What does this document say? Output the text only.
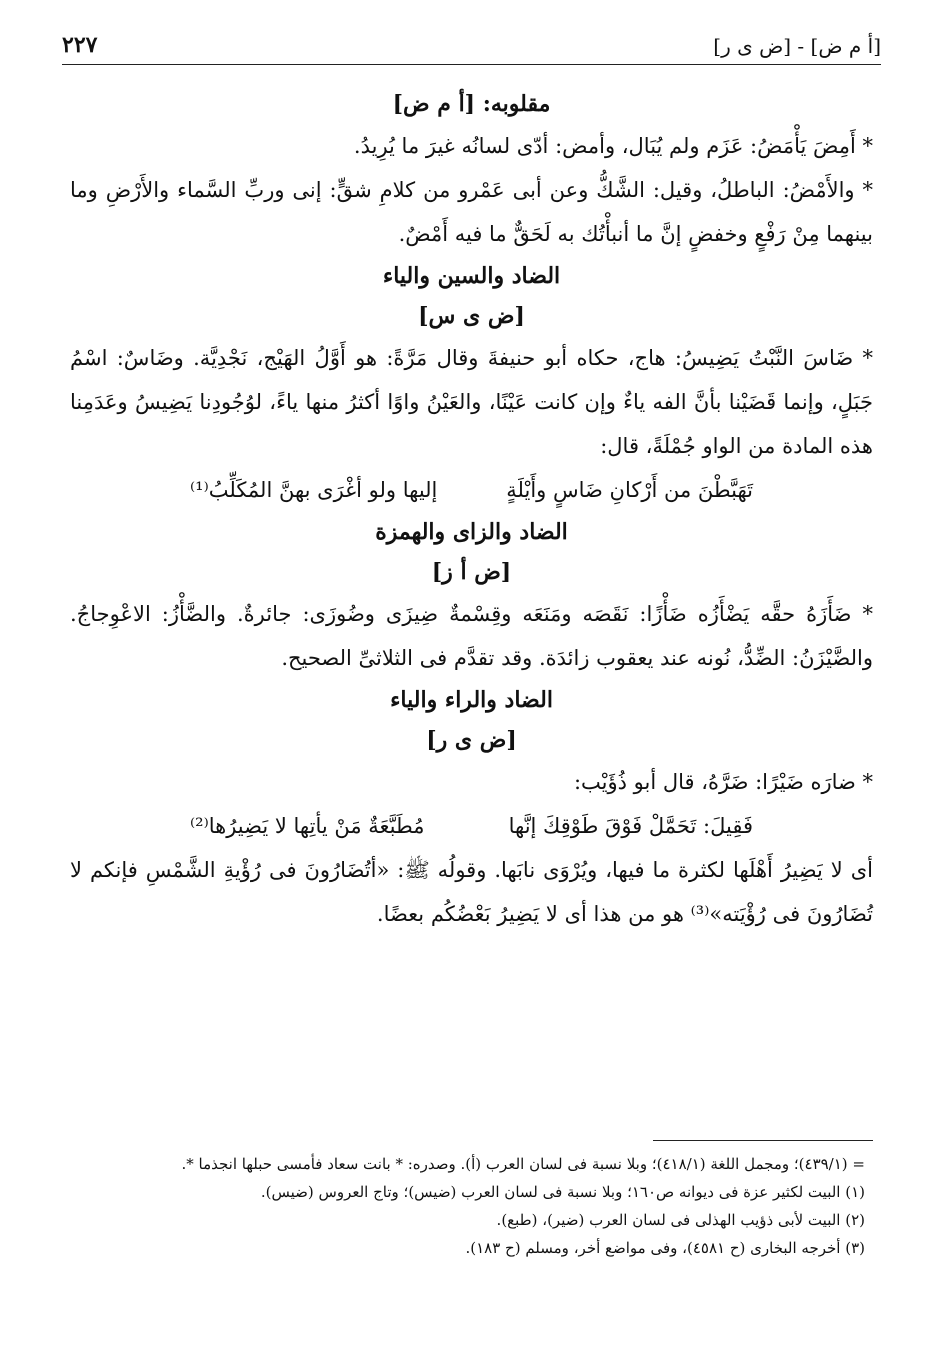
[أ م ض] - [ض ى ر]
٢٢٧

مقلوبه: [أ م ض]

* أَمِضَ يَأْمَضُ: عَزَم ولم يُبَال، وأمض: أدّى لسانُه غيرَ ما يُرِيدُ.

* والأَمْضُ: الباطلُ، وقيل: الشَّكُّ وعن أبى عَمْرو من كلامِ شقٍّ: إنى وربِّ السَّماء والأَرْضِ وما بينهما مِنْ رَفْعٍ وخفضٍ إنَّ ما أنبأْتُك به لَحَقٌّ ما فيه أَمْضٌ.

الضاد والسين والياء

[ض ى س]

* ضَاسَ النَّبْتُ يَضِيسُ: هاج، حكاه أبو حنيفةَ وقال مَرَّةً: هو أَوَّلُ الهَيْج، نَجْدِيَّة. وضَاسٌ: اسْمُ جَبَلٍ، وإنما قَضَيْنا بأنَّ الفه ياءٌ وإن كانت عَيْنًا، والعَيْنُ واوًا أكثرُ منها ياءً، لوُجُودِنا يَضِيسُ وعَدَمِنا هذه المادة من الواو جُمْلَةً، قال:

تَهَبَّطْنَ من أَرْكانِ ضَاسٍ وأَيْلَةٍ
إليها ولو أغْرَى بهنَّ المُكَلِّبُ⁽¹⁾

الضاد والزاى والهمزة

[ض أ ز]

* ضَأَزَهُ حقَّه يَضْأَزُه ضَأْزًا: نَقَصَه ومَنَعَه وقِسْمةٌ ضِيزَى وضُوزَى: جائرةٌ. والضَّأْزُ: الاعْوِجاجُ. والضَّيْزَنُ: الضِّدُّ، نُونه عند يعقوب زائدَة. وقد تقدَّم فى الثلاثىِّ الصحيح.

الضاد والراء والياء

[ض ى ر]

* ضارَه ضَيْرًا: ضَرَّهُ، قال أبو ذُؤَيْب:

فَقِيلَ: تَحَمَّلْ فَوْقَ طَوْقِكَ إنَّها
مُطَبَّعَةٌ مَنْ يأتِها لا يَضِيرُها⁽²⁾

أى لا يَضِيرُ أَهْلَها لكثرة ما فيها، ويُرْوَى نابَها. وقولُه ﷺ: «أتُضَارُونَ فى رُؤْيةِ الشَّمْسِ فإنكم لا تُضَارُونَ فى رُؤْيَته»⁽³⁾ هو من هذا أى لا يَضِيرُ بَعْضُكُم بعضًا.

= (٤٣٩/١)؛ ومجمل اللغة (٤١٨/١)؛ وبلا نسبة فى لسان العرب (أ). وصدره: * بانت سعاد فأمسى حبلها انجذما *.

(١) البيت لكثير عزة فى ديوانه ص١٦٠؛ وبلا نسبة فى لسان العرب (ضيس)؛ وتاج العروس (ضيس).

(٢) البيت لأبى ذؤيب الهذلى فى لسان العرب (ضير)، (طبع).

(٣) أخرجه البخارى (ح ٤٥٨١)، وفى مواضع أخر، ومسلم (ح ١٨٣).
